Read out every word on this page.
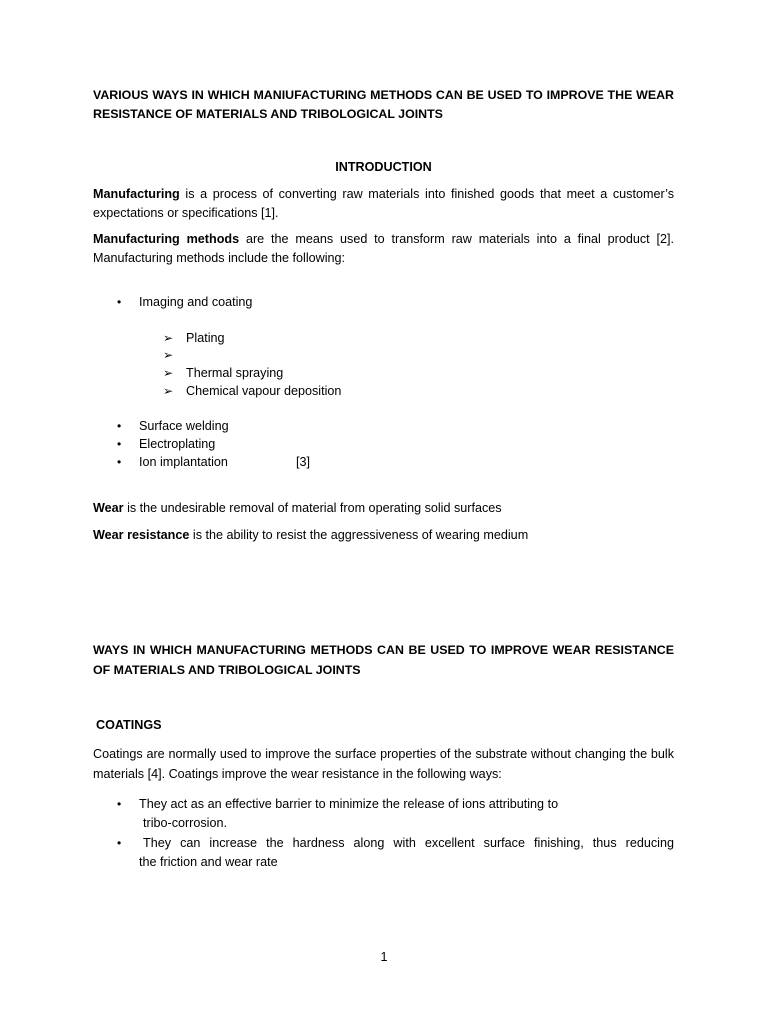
VARIOUS WAYS IN WHICH MANIUFACTURING METHODS CAN BE USED TO IMPROVE THE WEAR RESISTANCE OF MATERIALS AND TRIBOLOGICAL JOINTS

INTRODUCTION

Manufacturing is a process of converting raw materials into finished goods that meet a customer’s expectations or specifications [1].

Manufacturing methods are the means used to transform raw materials into a final product [2]. Manufacturing methods include the following:

• Imaging and coating
➢ Plating
➢
➢ Thermal spraying
➢ Chemical vapour deposition
• Surface welding
• Electroplating
• Ion implantation	[3]

Wear is the undesirable removal of material from operating solid surfaces

Wear resistance is the ability to resist the aggressiveness of wearing medium

WAYS IN WHICH MANUFACTURING METHODS CAN BE USED TO IMPROVE WEAR RESISTANCE OF MATERIALS AND TRIBOLOGICAL JOINTS

COATINGS

Coatings are normally used to improve the surface properties of the substrate without changing the bulk materials [4]. Coatings improve the wear resistance in the following ways:

• They act as an effective barrier to minimize the release of ions attributing to
tribo-corrosion.
• They can increase the hardness along with excellent surface finishing, thus reducing
the friction and wear rate
1
